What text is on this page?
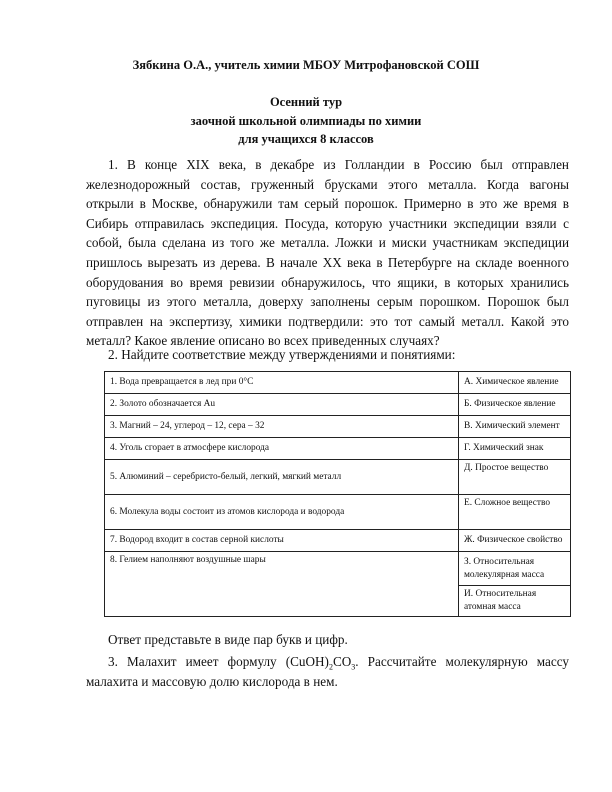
Зябкина О.А., учитель химии МБОУ Митрофановской СОШ
Осенний тур
заочной школьной олимпиады по химии
для учащихся 8 классов

1. В конце XIX века, в декабре из Голландии в Россию был отправлен железнодорожный состав, груженный брусками этого металла. Когда вагоны открыли в Москве, обнаружили там серый порошок. Примерно в это же время в Сибирь отправилась экспедиция. Посуда, которую участники экспедиции взяли с собой, была сделана из того же металла. Ложки и миски участникам экспедиции пришлось вырезать из дерева. В начале XX века в Петербурге на складе военного оборудования во время ревизии обнаружилось, что ящики, в которых хранились пуговицы из этого металла, доверху заполнены серым порошком. Порошок был отправлен на экспертизу, химики подтвердили: это тот самый металл. Какой это металл? Какое явление описано во всех приведенных случаях?

2. Найдите соответствие между утверждениями и понятиями:
1. Вода превращается в лед при 0°С	А. Химическое явление
2. Золото обозначается Au	Б. Физическое явление
3. Магний – 24, углерод – 12, сера – 32	В. Химический элемент
4. Уголь сгорает в атмосфере кислорода	Г. Химический знак
5. Алюминий – серебристо-белый, легкий, мягкий металл	Д. Простое вещество
6. Молекула воды состоит из атомов кислорода и водорода	Е. Сложное вещество
7. Водород входит в состав серной кислоты	Ж. Физическое свойство
8. Гелием наполняют воздушные шары	З. Относительная молекулярная масса
	И. Относительная атомная масса
Ответ представьте в виде пар букв и цифр.

3. Малахит имеет формулу $(CuOH)_2CO_3$. Рассчитайте молекулярную массу малахита и массовую долю кислорода в нем.
